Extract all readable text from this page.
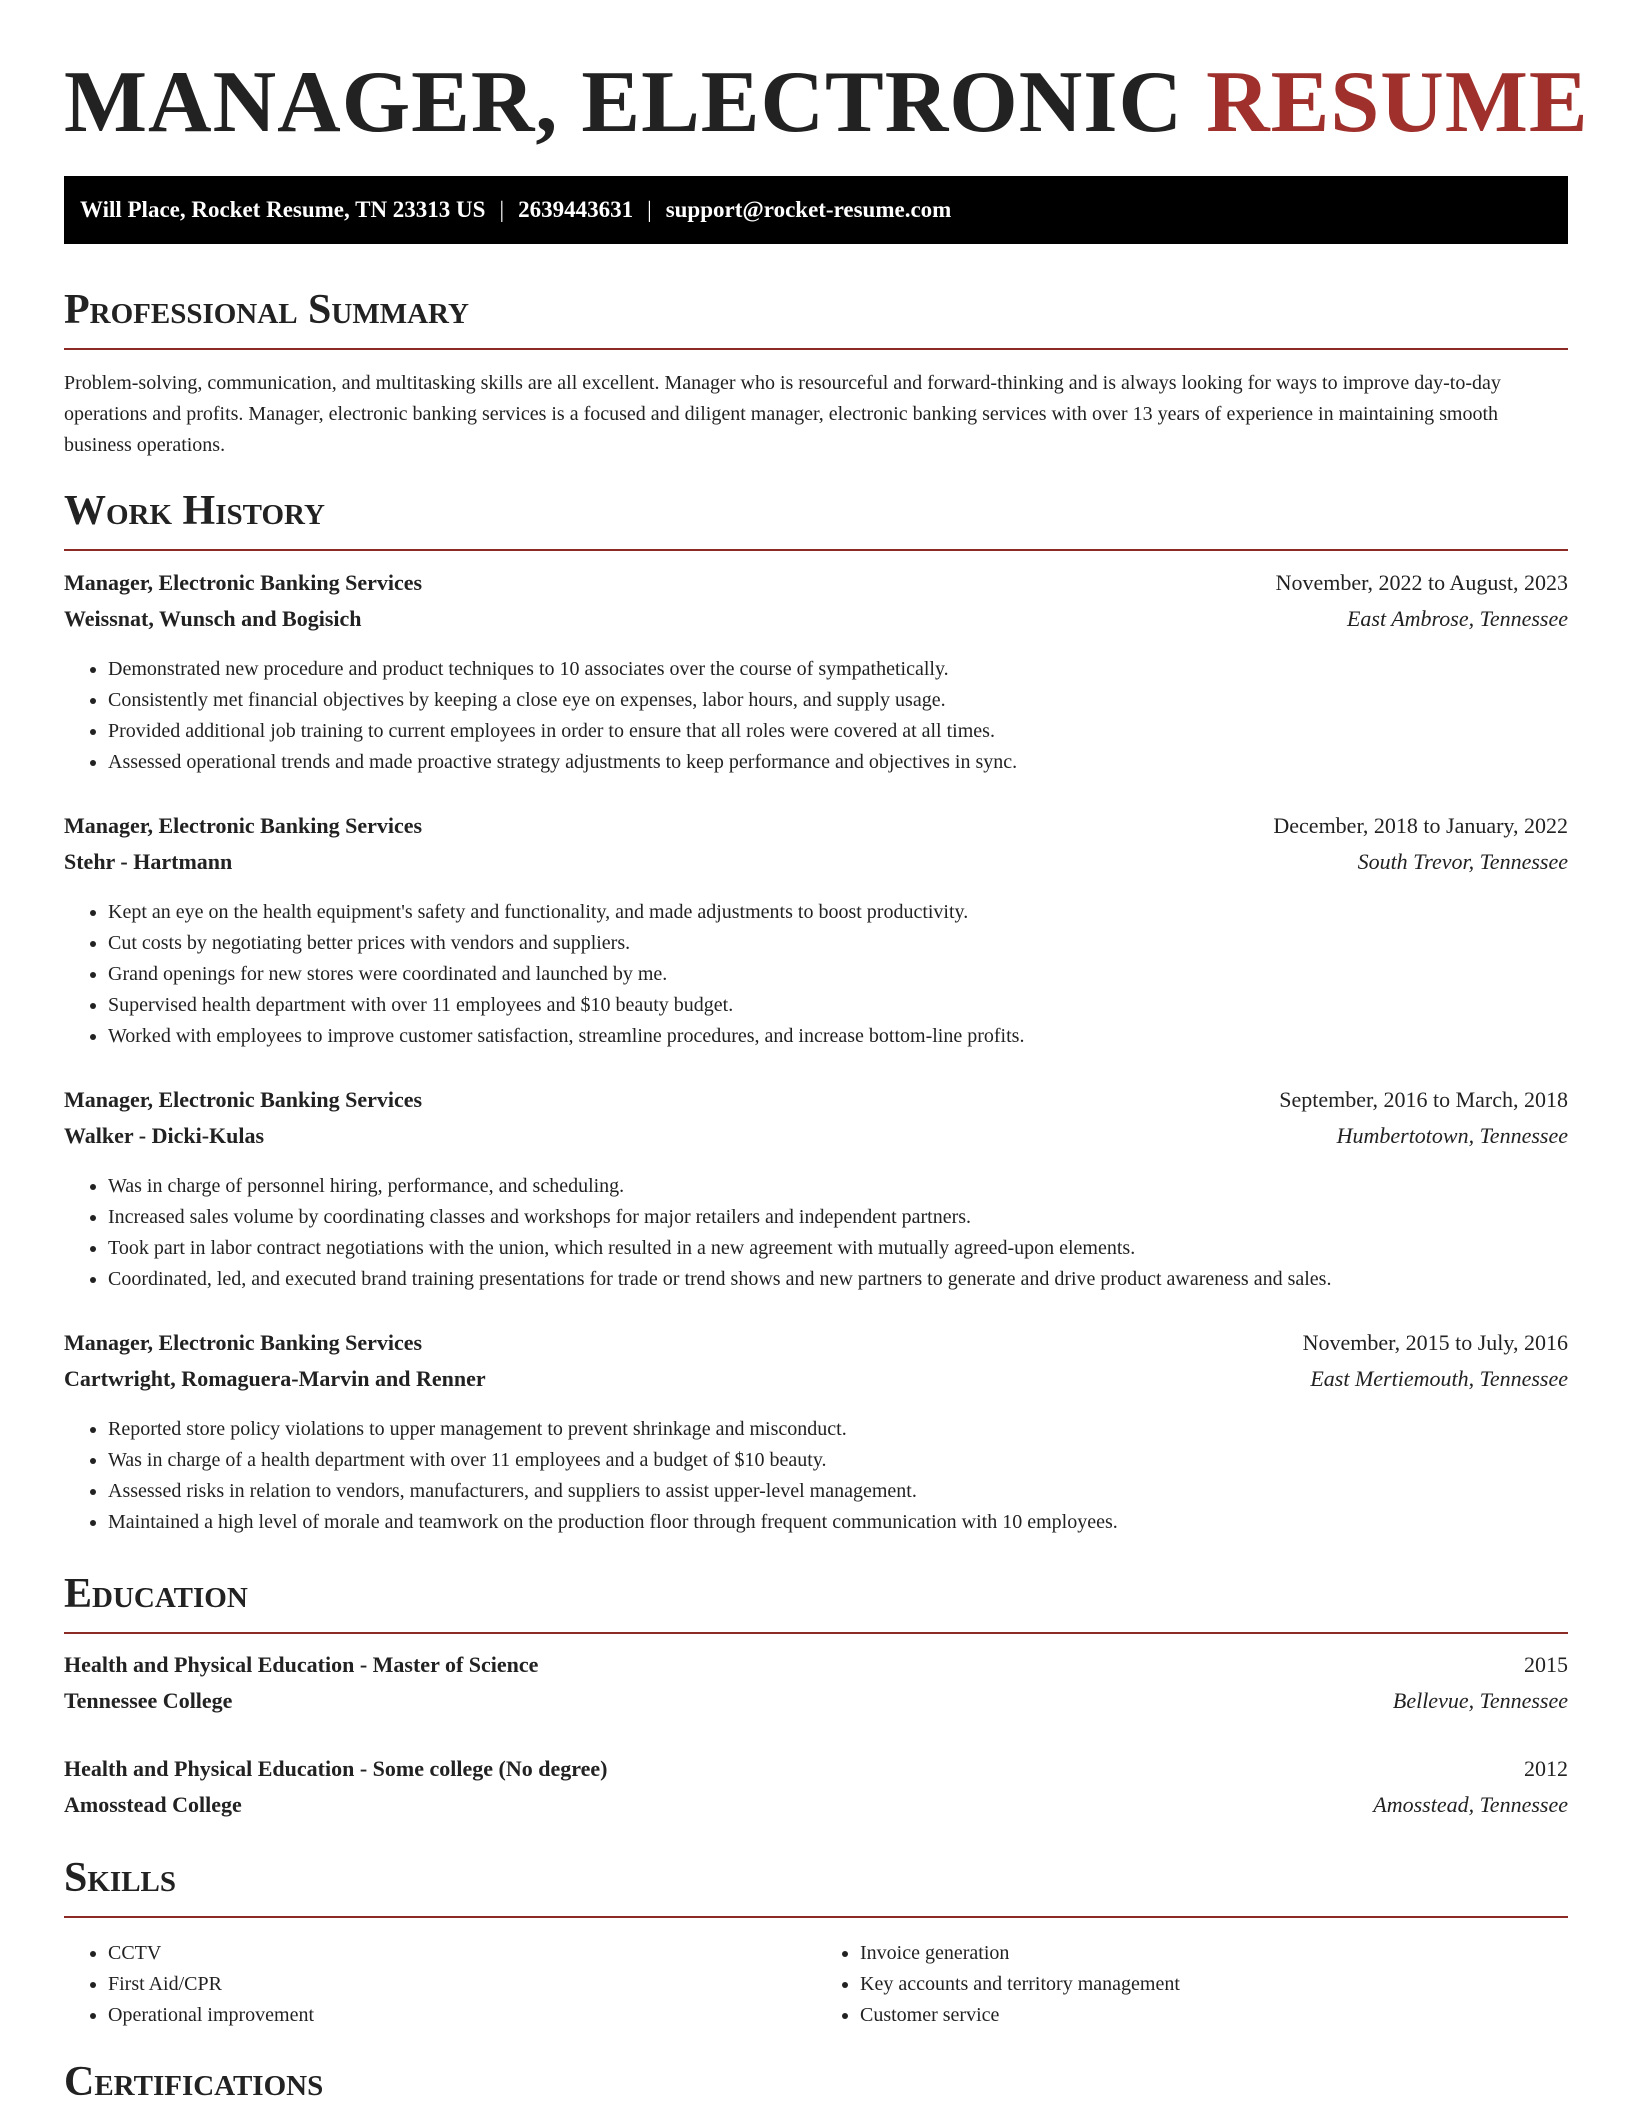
MANAGER, ELECTRONIC RESUME
Will Place, Rocket Resume, TN 23313 US | 2639443631 | support@rocket-resume.com
Professional Summary

Problem-solving, communication, and multitasking skills are all excellent. Manager who is resourceful and forward-thinking and is always looking for ways to improve day-to-day operations and profits. Manager, electronic banking services is a focused and diligent manager, electronic banking services with over 13 years of experience in maintaining smooth business operations.

Work History
Manager, Electronic Banking Services	November, 2022 to August, 2023
Weissnat, Wunsch and Bogisich	East Ambrose, Tennessee
• Demonstrated new procedure and product techniques to 10 associates over the course of sympathetically.
• Consistently met financial objectives by keeping a close eye on expenses, labor hours, and supply usage.
• Provided additional job training to current employees in order to ensure that all roles were covered at all times.
• Assessed operational trends and made proactive strategy adjustments to keep performance and objectives in sync.
Manager, Electronic Banking Services	December, 2018 to January, 2022
Stehr - Hartmann	South Trevor, Tennessee
• Kept an eye on the health equipment's safety and functionality, and made adjustments to boost productivity.
• Cut costs by negotiating better prices with vendors and suppliers.
• Grand openings for new stores were coordinated and launched by me.
• Supervised health department with over 11 employees and $10 beauty budget.
• Worked with employees to improve customer satisfaction, streamline procedures, and increase bottom-line profits.
Manager, Electronic Banking Services	September, 2016 to March, 2018
Walker - Dicki-Kulas	Humbertotown, Tennessee
• Was in charge of personnel hiring, performance, and scheduling.
• Increased sales volume by coordinating classes and workshops for major retailers and independent partners.
• Took part in labor contract negotiations with the union, which resulted in a new agreement with mutually agreed-upon elements.
• Coordinated, led, and executed brand training presentations for trade or trend shows and new partners to generate and drive product awareness and sales.
Manager, Electronic Banking Services	November, 2015 to July, 2016
Cartwright, Romaguera-Marvin and Renner	East Mertiemouth, Tennessee
• Reported store policy violations to upper management to prevent shrinkage and misconduct.
• Was in charge of a health department with over 11 employees and a budget of $10 beauty.
• Assessed risks in relation to vendors, manufacturers, and suppliers to assist upper-level management.
• Maintained a high level of morale and teamwork on the production floor through frequent communication with 10 employees.
Education
Health and Physical Education - Master of Science	2015
Tennessee College	Bellevue, Tennessee
Health and Physical Education - Some college (No degree)	2012
Amosstead College	Amosstead, Tennessee
Skills
• CCTV
• First Aid/CPR
• Operational improvement
• Invoice generation
• Key accounts and territory management
• Customer service
Certifications
